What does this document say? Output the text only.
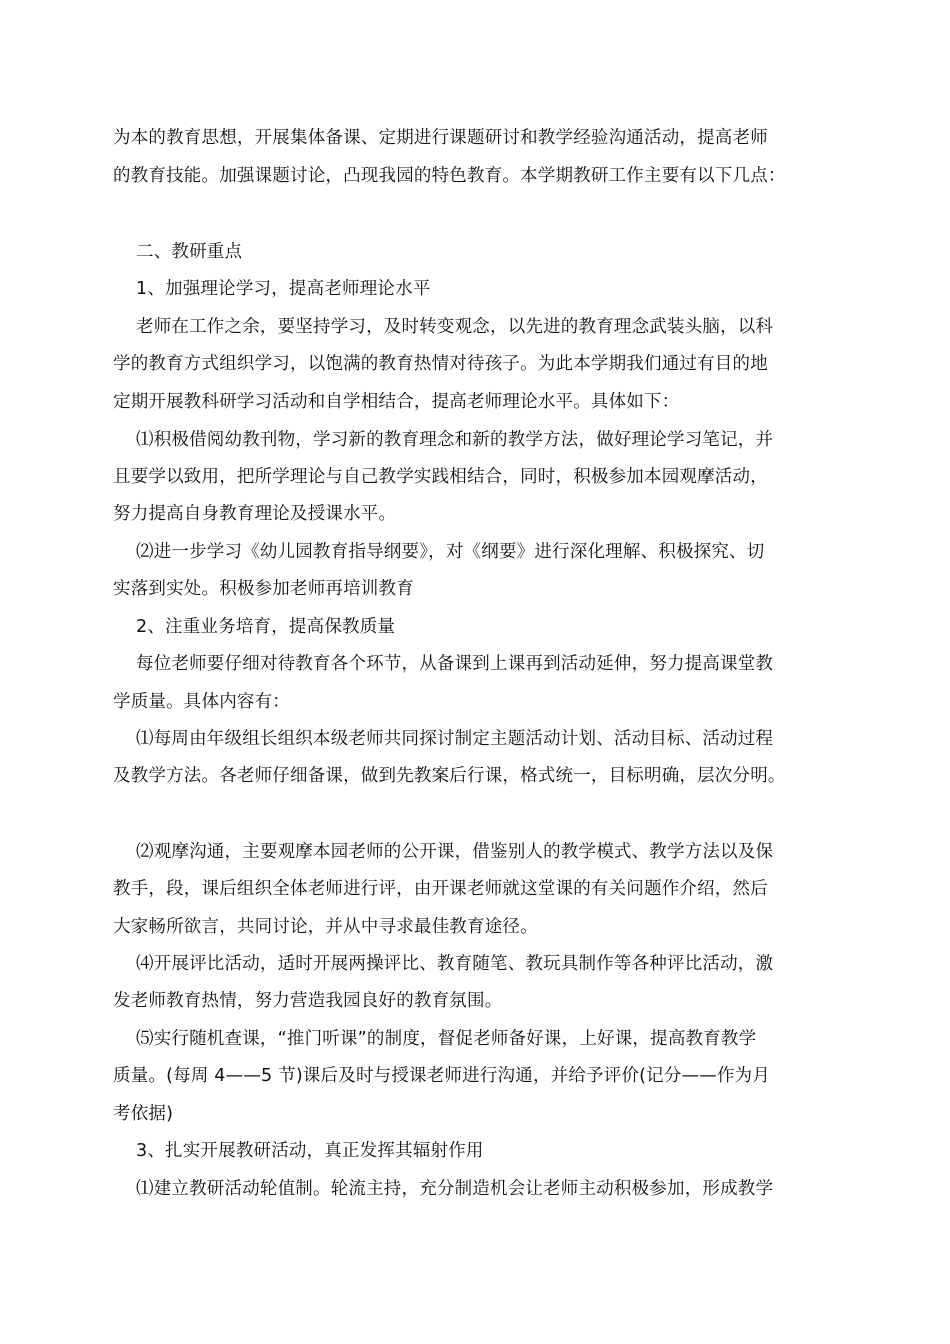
为本的教育思想，开展集体备课、定期进行课题研讨和教学经验沟通活动，提高老师
的教育技能。加强课题讨论，凸现我园的特色教育。本学期教研工作主要有以下几点：
二、教研重点
1、加强理论学习，提高老师理论水平
老师在工作之余，要坚持学习，及时转变观念，以先进的教育理念武装头脑，以科
学的教育方式组织学习，以饱满的教育热情对待孩子。为此本学期我们通过有目的地
定期开展教科研学习活动和自学相结合，提高老师理论水平。具体如下：
⑴积极借阅幼教刊物，学习新的教育理念和新的教学方法，做好理论学习笔记，并
且要学以致用，把所学理论与自己教学实践相结合，同时，积极参加本园观摩活动，
努力提高自身教育理论及授课水平。
⑵进一步学习《幼儿园教育指导纲要》，对《纲要》进行深化理解、积极探究、切
实落到实处。积极参加老师再培训教育
2、注重业务培育，提高保教质量
每位老师要仔细对待教育各个环节，从备课到上课再到活动延伸，努力提高课堂教
学质量。具体内容有：
⑴每周由年级组长组织本级老师共同探讨制定主题活动计划、活动目标、活动过程
及教学方法。各老师仔细备课，做到先教案后行课，格式统一，目标明确，层次分明。
⑵观摩沟通，主要观摩本园老师的公开课，借鉴别人的教学模式、教学方法以及保
教手，段，课后组织全体老师进行评，由开课老师就这堂课的有关问题作介绍，然后
大家畅所欲言，共同讨论，并从中寻求最佳教育途径。
⑷开展评比活动，适时开展两操评比、教育随笔、教玩具制作等各种评比活动，激
发老师教育热情，努力营造我园良好的教育氛围。
⑸实行随机查课，“推门听课”的制度，督促老师备好课，上好课，提高教育教学
质量。(每周 4——5 节)课后及时与授课老师进行沟通，并给予评价(记分——作为月
考依据)
3、扎实开展教研活动，真正发挥其辐射作用
⑴建立教研活动轮值制。轮流主持，充分制造机会让老师主动积极参加，形成教学
